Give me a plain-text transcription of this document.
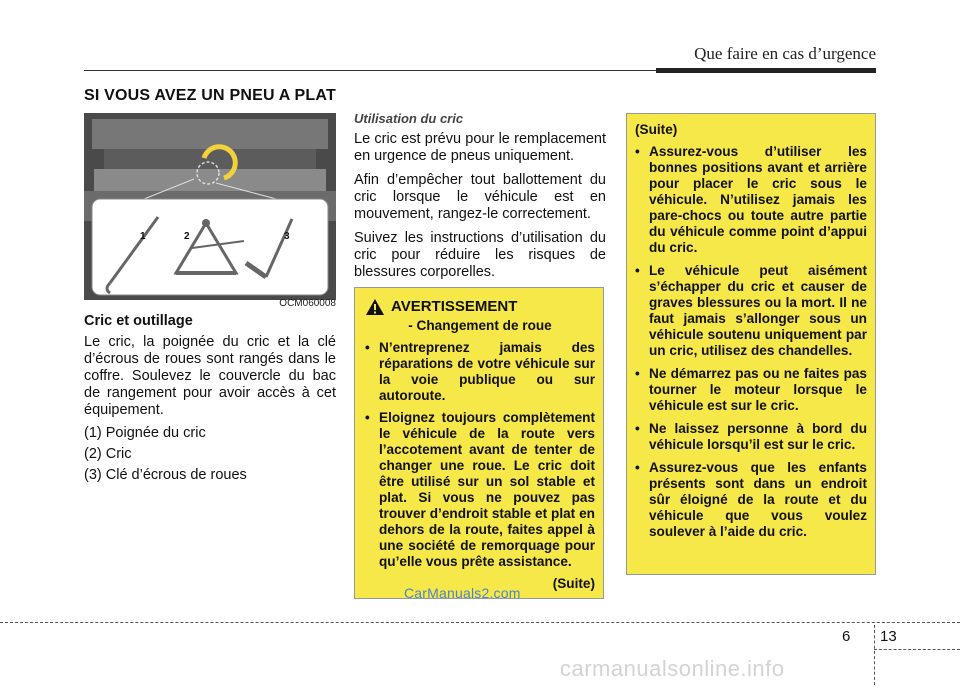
Que faire en cas d’urgence
SI VOUS AVEZ UN PNEU A PLAT
1	2	3
OCM060008

Cric et outillage

Le cric, la poignée du cric et la clé d’écrous de roues sont rangés dans le coffre. Soulevez le couvercle du bac de rangement pour avoir accès à cet équipement.

(1) Poignée du cric

(2) Cric

(3) Clé d’écrous de roues

Utilisation du cric

Le cric est prévu pour le remplacement en urgence de pneus uniquement.

Afin d’empêcher tout ballottement du cric lorsque le véhicule est en mouvement, rangez-le correctement.

Suivez les instructions d’utilisation du cric pour réduire les risques de blessures corporelles.

AVERTISSEMENT
- Changement de roue
• N’entreprenez jamais des réparations de votre véhicule sur la voie publique ou sur autoroute.
• Eloignez toujours complètement le véhicule de la route vers l’accotement avant de tenter de changer une roue. Le cric doit être utilisé sur un sol stable et plat. Si vous ne pouvez pas trouver d’endroit stable et plat en dehors de la route, faites appel à une société de remorquage pour qu’elle vous prête assistance.
(Suite)
CarManuals2.com
(Suite)
• Assurez-vous d’utiliser les bonnes positions avant et arrière pour placer le cric sous le véhicule. N’utilisez jamais les pare-chocs ou toute autre partie du véhicule comme point d’appui du cric.
• Le véhicule peut aisément s’échapper du cric et causer de graves blessures ou la mort. Il ne faut jamais s’allonger sous un véhicule soutenu uniquement par un cric, utilisez des chandelles.
• Ne démarrez pas ou ne faites pas tourner le moteur lorsque le véhicule est sur le cric.
• Ne laissez personne à bord du véhicule lorsqu’il est sur le cric.
• Assurez-vous que les enfants présents sont dans un endroit sûr éloigné de la route et du véhicule que vous voulez soulever à l’aide du cric.
6 13
carmanualsonline.info
